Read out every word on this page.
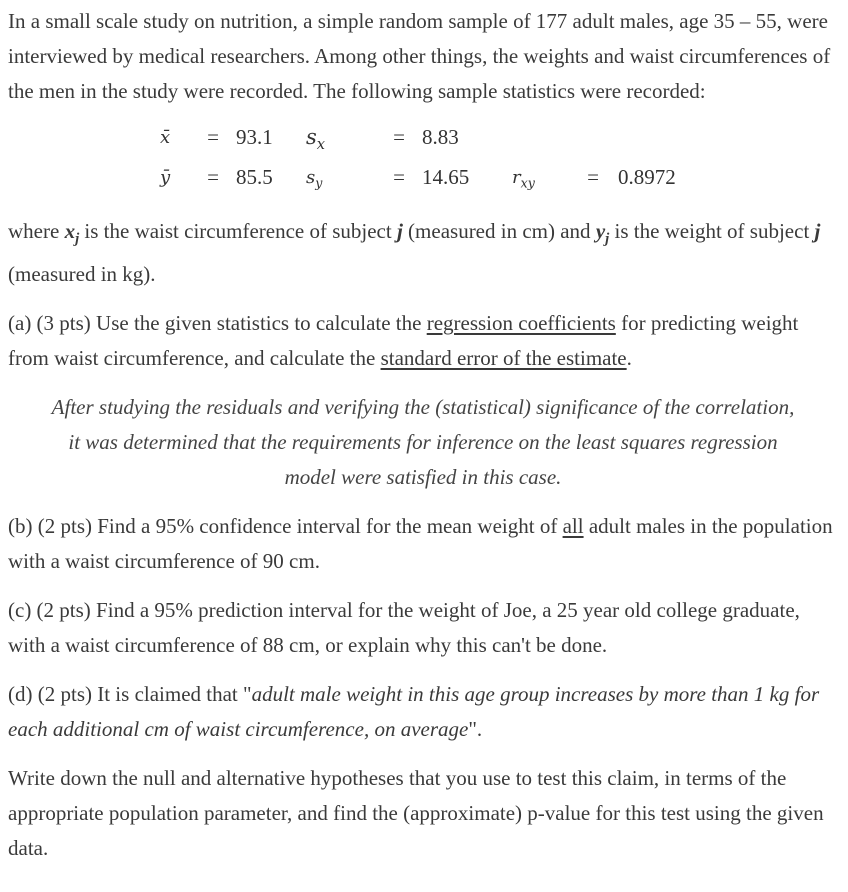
In a small scale study on nutrition, a simple random sample of 177 adult males, age 35 – 55, were interviewed by medical researchers. Among other things, the weights and waist circumferences of the men in the study were recorded. The following sample statistics were recorded:

x̄	= 93.1	$s_x$	= 8.83
ȳ	= 85.5	$s_y$	= 14.65	$r_{xy}$	= 0.8972

where $x_j$ is the waist circumference of subject j (measured in cm) and $y_j$ is the weight of subject j (measured in kg).

(a) (3 pts) Use the given statistics to calculate the regression coefficients for predicting weight from waist circumference, and calculate the standard error of the estimate.

After studying the residuals and verifying the (statistical) significance of the correlation,

it was determined that the requirements for inference on the least squares regression

model were satisfied in this case.

(b) (2 pts) Find a 95% confidence interval for the mean weight of all adult males in the population with a waist circumference of 90 cm.

(c) (2 pts) Find a 95% prediction interval for the weight of Joe, a 25 year old college graduate, with a waist circumference of 88 cm, or explain why this can't be done.

(d) (2 pts) It is claimed that "adult male weight in this age group increases by more than 1 kg for each additional cm of waist circumference, on average".

Write down the null and alternative hypotheses that you use to test this claim, in terms of the appropriate population parameter, and find the (approximate) p-value for this test using the given data.
